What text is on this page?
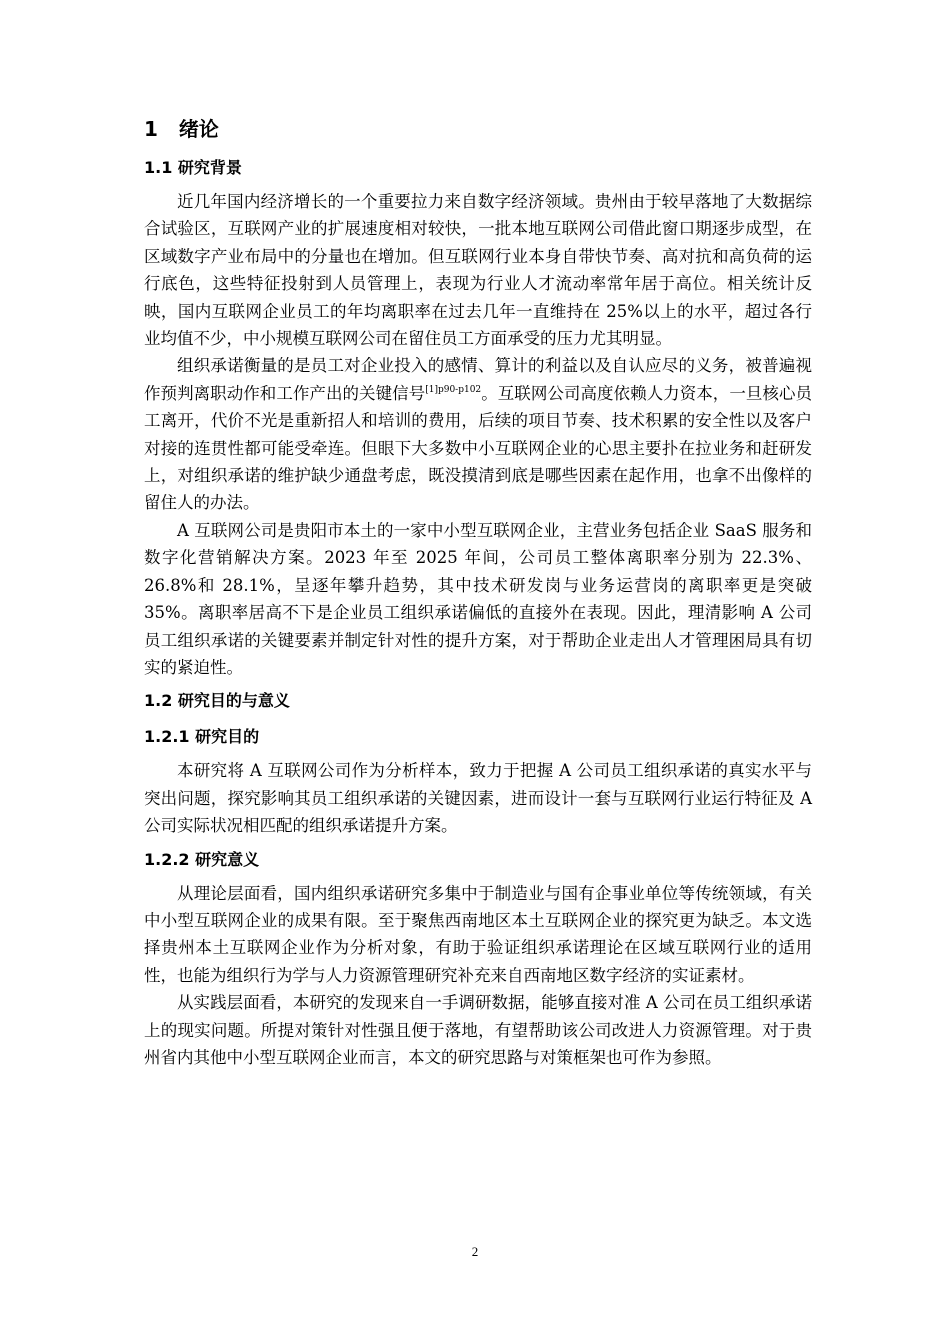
1 绪论
1.1 研究背景

近几年国内经济增长的一个重要拉力来自数字经济领域。贵州由于较早落地了大数据综合试验区，互联网产业的扩展速度相对较快，一批本地互联网公司借此窗口期逐步成型，在区域数字产业布局中的分量也在增加。但互联网行业本身自带快节奏、高对抗和高负荷的运行底色，这些特征投射到人员管理上，表现为行业人才流动率常年居于高位。相关统计反映，国内互联网企业员工的年均离职率在过去几年一直维持在 25%以上的水平，超过各行业均值不少，中小规模互联网公司在留住员工方面承受的压力尤其明显。

组织承诺衡量的是员工对企业投入的感情、算计的利益以及自认应尽的义务，被普遍视作预判离职动作和工作产出的关键信号$^{[1]p90-p102}$。互联网公司高度依赖人力资本，一旦核心员工离开，代价不光是重新招人和培训的费用，后续的项目节奏、技术积累的安全性以及客户对接的连贯性都可能受牵连。但眼下大多数中小互联网企业的心思主要扑在拉业务和赶研发上，对组织承诺的维护缺少通盘考虑，既没摸清到底是哪些因素在起作用，也拿不出像样的留住人的办法。

A 互联网公司是贵阳市本土的一家中小型互联网企业，主营业务包括企业 SaaS 服务和数字化营销解决方案。2023 年至 2025 年间，公司员工整体离职率分别为 22.3%、26.8%和 28.1%，呈逐年攀升趋势，其中技术研发岗与业务运营岗的离职率更是突破 35%。离职率居高不下是企业员工组织承诺偏低的直接外在表现。因此，理清影响 A 公司员工组织承诺的关键要素并制定针对性的提升方案，对于帮助企业走出人才管理困局具有切实的紧迫性。

1.2 研究目的与意义
1.2.1 研究目的

本研究将 A 互联网公司作为分析样本，致力于把握 A 公司员工组织承诺的真实水平与突出问题，探究影响其员工组织承诺的关键因素，进而设计一套与互联网行业运行特征及 A 公司实际状况相匹配的组织承诺提升方案。

1.2.2 研究意义

从理论层面看，国内组织承诺研究多集中于制造业与国有企事业单位等传统领域，有关中小型互联网企业的成果有限。至于聚焦西南地区本土互联网企业的探究更为缺乏。本文选择贵州本土互联网企业作为分析对象，有助于验证组织承诺理论在区域互联网行业的适用性，也能为组织行为学与人力资源管理研究补充来自西南地区数字经济的实证素材。

从实践层面看，本研究的发现来自一手调研数据，能够直接对准 A 公司在员工组织承诺上的现实问题。所提对策针对性强且便于落地，有望帮助该公司改进人力资源管理。对于贵州省内其他中小型互联网企业而言，本文的研究思路与对策框架也可作为参照。

2
